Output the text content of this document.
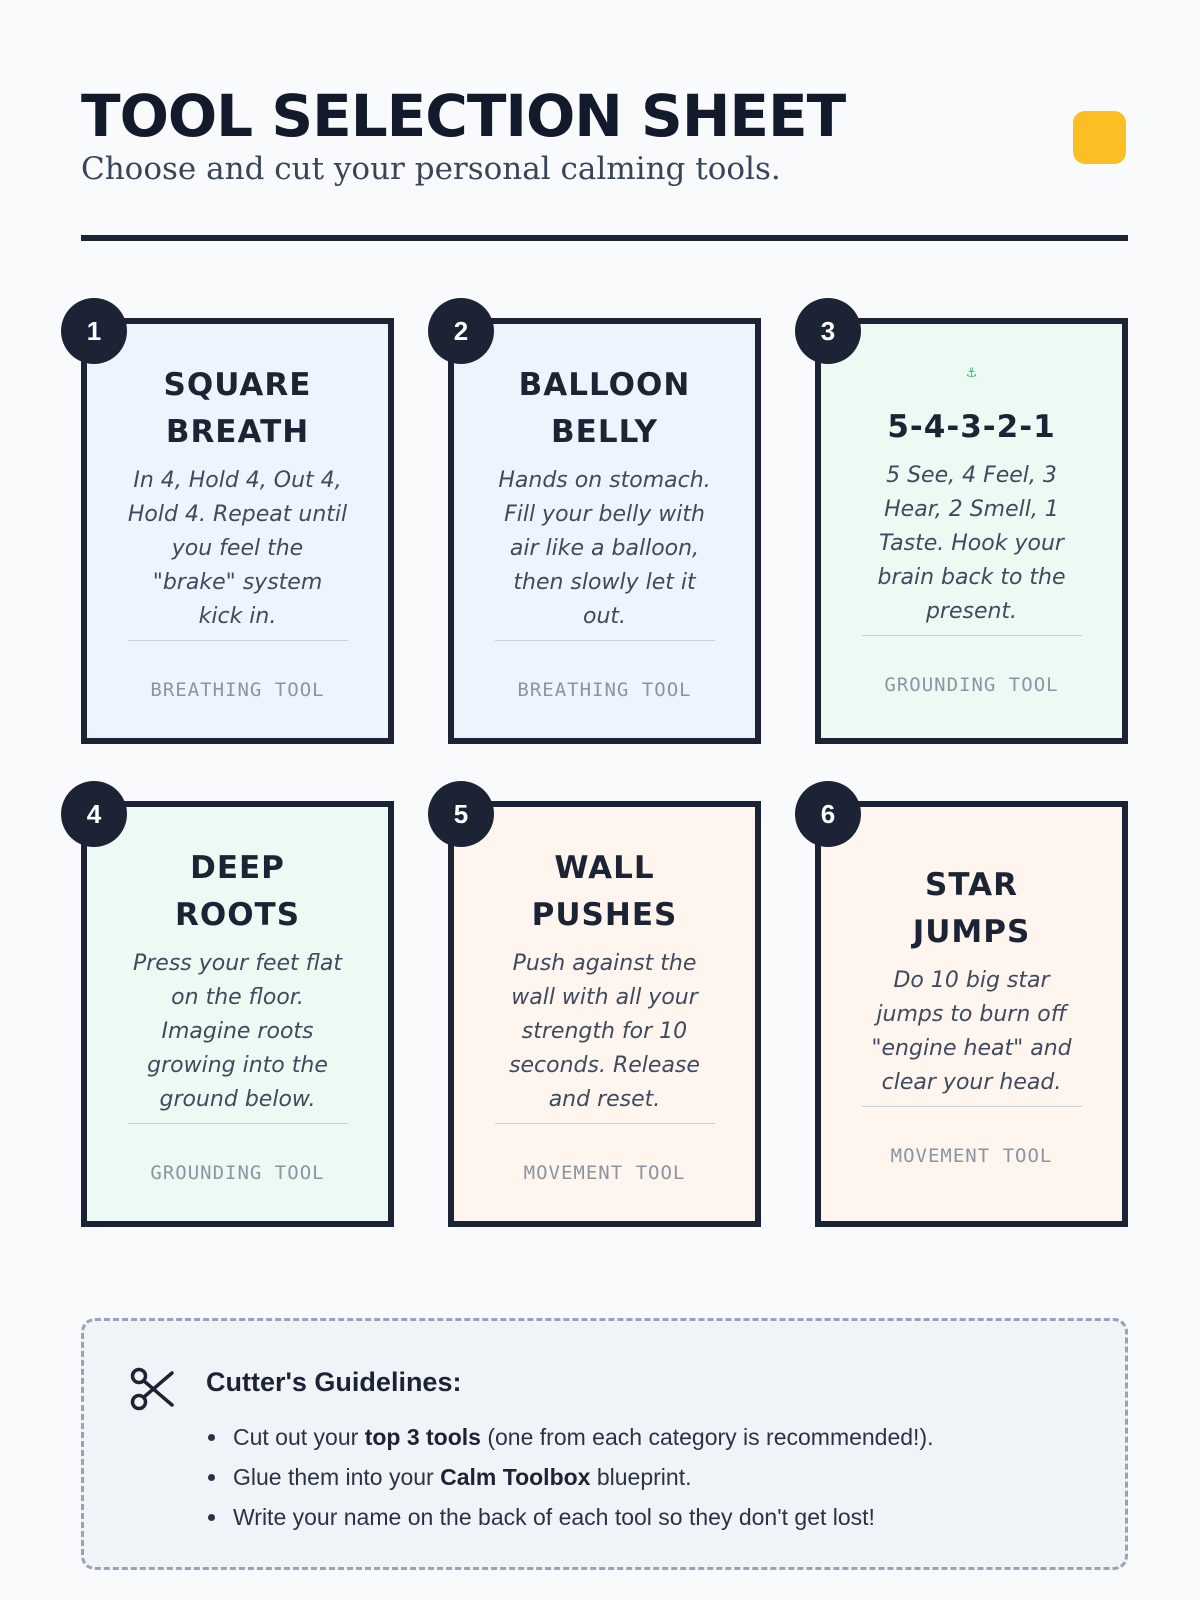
TOOL SELECTION SHEET

Choose and cut your personal calming tools.

1
SQUARE BREATH
In 4, Hold 4, Out 4, Hold 4. Repeat until you feel the "brake" system kick in.
BREATHING TOOL
2
BALLOON BELLY
Hands on stomach. Fill your belly with air like a balloon, then slowly let it out.
BREATHING TOOL
3
⚓
5-4-3-2-1
5 See, 4 Feel, 3 Hear, 2 Smell, 1 Taste. Hook your brain back to the present.
GROUNDING TOOL
4
DEEP ROOTS
Press your feet flat on the floor. Imagine roots growing into the ground below.
GROUNDING TOOL
5
WALL PUSHES
Push against the wall with all your strength for 10 seconds. Release and reset.
MOVEMENT TOOL
6
STAR JUMPS
Do 10 big star jumps to burn off "engine heat" and clear your head.
MOVEMENT TOOL
Cutter's Guidelines:
Cut out your top 3 tools (one from each category is recommended!).
Glue them into your Calm Toolbox blueprint.
Write your name on the back of each tool so they don't get lost!
